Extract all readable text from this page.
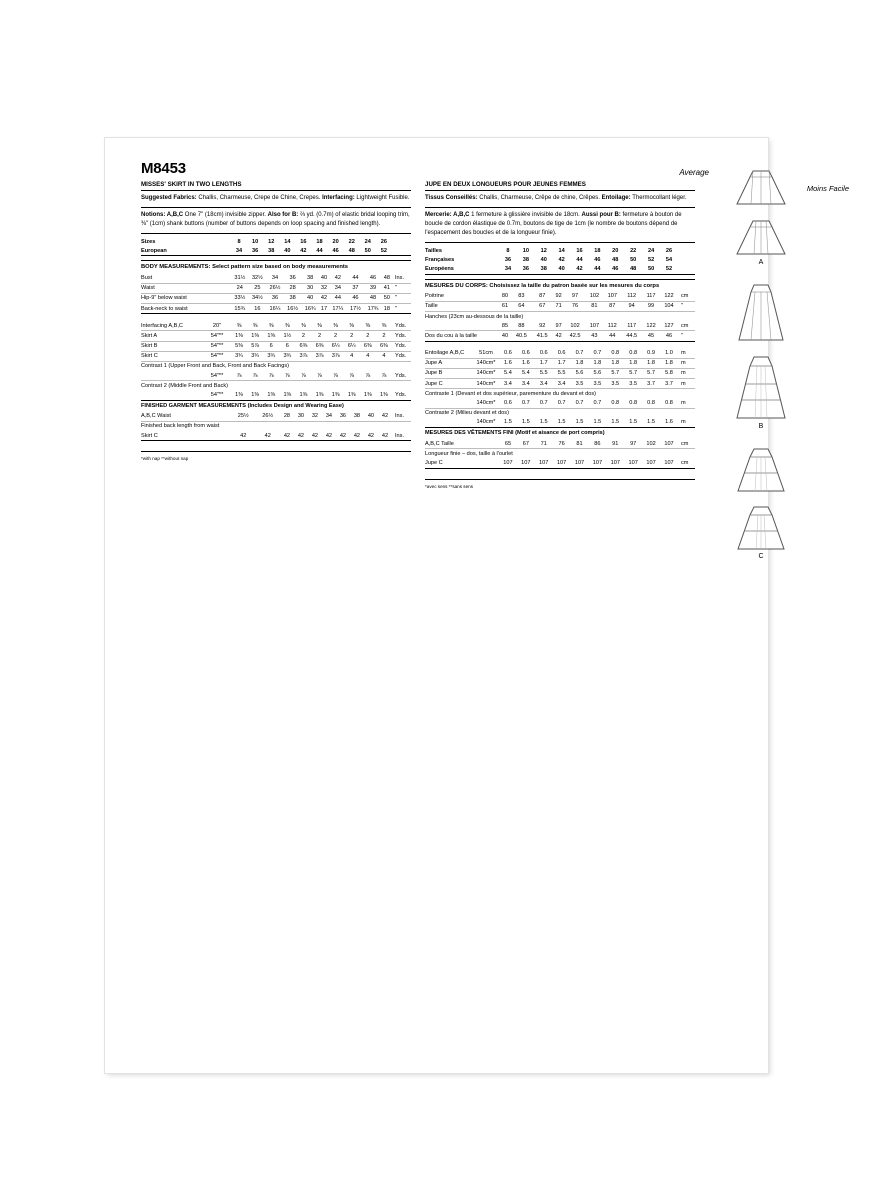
M8453	Average
Moins Facile
MISSES' SKIRT IN TWO LENGTHS
Suggested Fabrics: Challis, Charmeuse, Crepe de Chine, Crepes. Interfacing: Lightweight Fusible.
Notions: A,B,C One 7" (18cm) invisible zipper. Also for B: ⅔ yd. (0.7m) of elastic bridal looping trim, ⅜" (1cm) shank buttons (number of buttons depends on loop spacing and finished length).
Sizes	8	10	12	14	16	18	20	22	24	26	
European	34	36	38	40	42	44	46	48	50	52	
BODY MEASUREMENTS: Select pattern size based on body measurements
Bust	31½	32½	34	36	38	40	42	44	46	48	Ins.
Waist	24	25	26½	28	30	32	34	37	39	41	"
Hip-9" below waist	33½	34½	36	38	40	42	44	46	48	50	"
Back-neck to waist	15¾	16	16¼	16½	16¾	17	17¼	17½	17¾	18	"
Interfacing A,B,C	20"	⅜	⅜	⅜	⅜	⅜	⅜	⅜	⅜	⅜	⅜	Yds.
Skirt A	54"**	1⅜	1⅜	1⅜	1½	2	2	2	2	2	2	Yds.
Skirt B	54"**	5⅜	5⅞	6	6	6⅜	6⅜	6¼	6¼	6⅜	6⅜	Yds.
Skirt C	54"**	3¾	3¾	3¾	3¾	3⅞	3⅞	3⅞	4	4	4	Yds.
Contrast 1 (Upper Front and Back, Front and Back Facings)												
	54"**	⅞	⅞	⅞	⅞	⅞	⅞	⅞	⅞	⅞	⅞	Yds.
Contrast 2 (Middle Front and Back)												
	54"**	1⅜	1⅜	1⅜	1⅜	1⅜	1⅜	1⅜	1⅜	1⅜	1⅜	Yds.
FINISHED GARMENT MEASUREMENTS (Includes Design and Wearing Ease)
A,B,C Waist	25½	26½	28	30	32	34	36	38	40	42	Ins.
Finished back length from waist											
Skirt C	42	42	42	42	42	42	42	42	42	42	Ins.
*with nap **without nap
JUPE EN DEUX LONGUEURS POUR JEUNES FEMMES
Tissus Conseillés: Challis, Charmeuse, Crêpe de chine, Crêpes. Entoilage: Thermocollant léger.
Mercerie: A,B,C 1 fermeture à glissière invisible de 18cm. Aussi pour B: fermeture à bouton de boucle de cordon élastique de 0.7m, boutons de tige de 1cm (le nombre de boutons dépend de l'espacement des boucles et de la longueur finie).
Tailles	8	10	12	14	16	18	20	22	24	26	
Françaises	36	38	40	42	44	46	48	50	52	54	
Européens	34	36	38	40	42	44	46	48	50	52	
MESURES DU CORPS: Choisissez la taille du patron basée sur les mesures du corps
Poitrine	80	83	87	92	97	102	107	112	117	122	cm
Taille	61	64	67	71	76	81	87	94	99	104	"
Hanches (23cm au-dessous de la taille)											
	85	88	92	97	102	107	112	117	122	127	cm
Dos du cou à la taille	40	40.5	41.5	42	42.5	43	44	44.5	45	46	"
Entoilage A,B,C	51cm	0.6	0.6	0.6	0.6	0.7	0.7	0.8	0.8	0.9	1.0	m
Jupe A	140cm*	1.6	1.6	1.7	1.7	1.8	1.8	1.8	1.8	1.8	1.8	m
Jupe B	140cm*	5.4	5.4	5.5	5.5	5.6	5.6	5.7	5.7	5.7	5.8	m
Jupe C	140cm*	3.4	3.4	3.4	3.4	3.5	3.5	3.5	3.5	3.7	3.7	m
Contraste 1 (Devant et dos supérieur, parementure du devant et dos)												
	140cm*	0.6	0.7	0.7	0.7	0.7	0.7	0.8	0.8	0.8	0.8	m
Contraste 2 (Milieu devant et dos)												
	140cm*	1.5	1.5	1.5	1.5	1.5	1.5	1.5	1.5	1.5	1.6	m
MESURES DES VÊTEMENTS FINI (Motif et aisance de port compris)
A,B,C Taille	65	67	71	76	81	86	91	97	102	107	cm
Longueur finie – dos, taille à l'ourlet											
Jupe C	107	107	107	107	107	107	107	107	107	107	cm
*avec sens **sans sens
A
B
C
